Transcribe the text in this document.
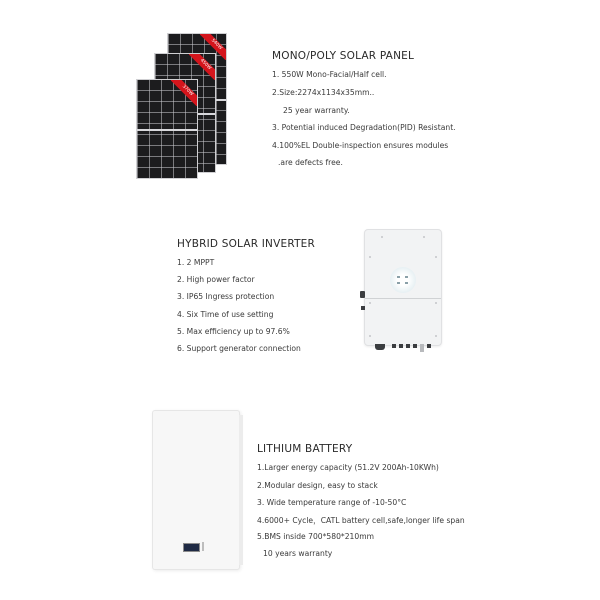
540W
450W
370W
MONO/POLY SOLAR PANEL
1. 550W Mono-Facial/Half cell.
2.Size:2274x1134x35mm..
25 year warranty.
3. Potential induced Degradation(PID) Resistant.
4.100%EL Double-inspection ensures modules
.are defects free.
HYBRID SOLAR INVERTER
1. 2 MPPT
2. High power factor
3. IP65 Ingress protection
4. Six Time of use setting
5. Max efficiency up to 97.6%
6. Support generator connection
LITHIUM BATTERY
1.Larger energy capacity (51.2V 200Ah-10KWh)
2.Modular design, easy to stack
3. Wide temperature range of -10-50°C
4.6000+ Cycle，CATL battery cell,safe,longer life span
5.BMS inside 700*580*210mm
10 years warranty
